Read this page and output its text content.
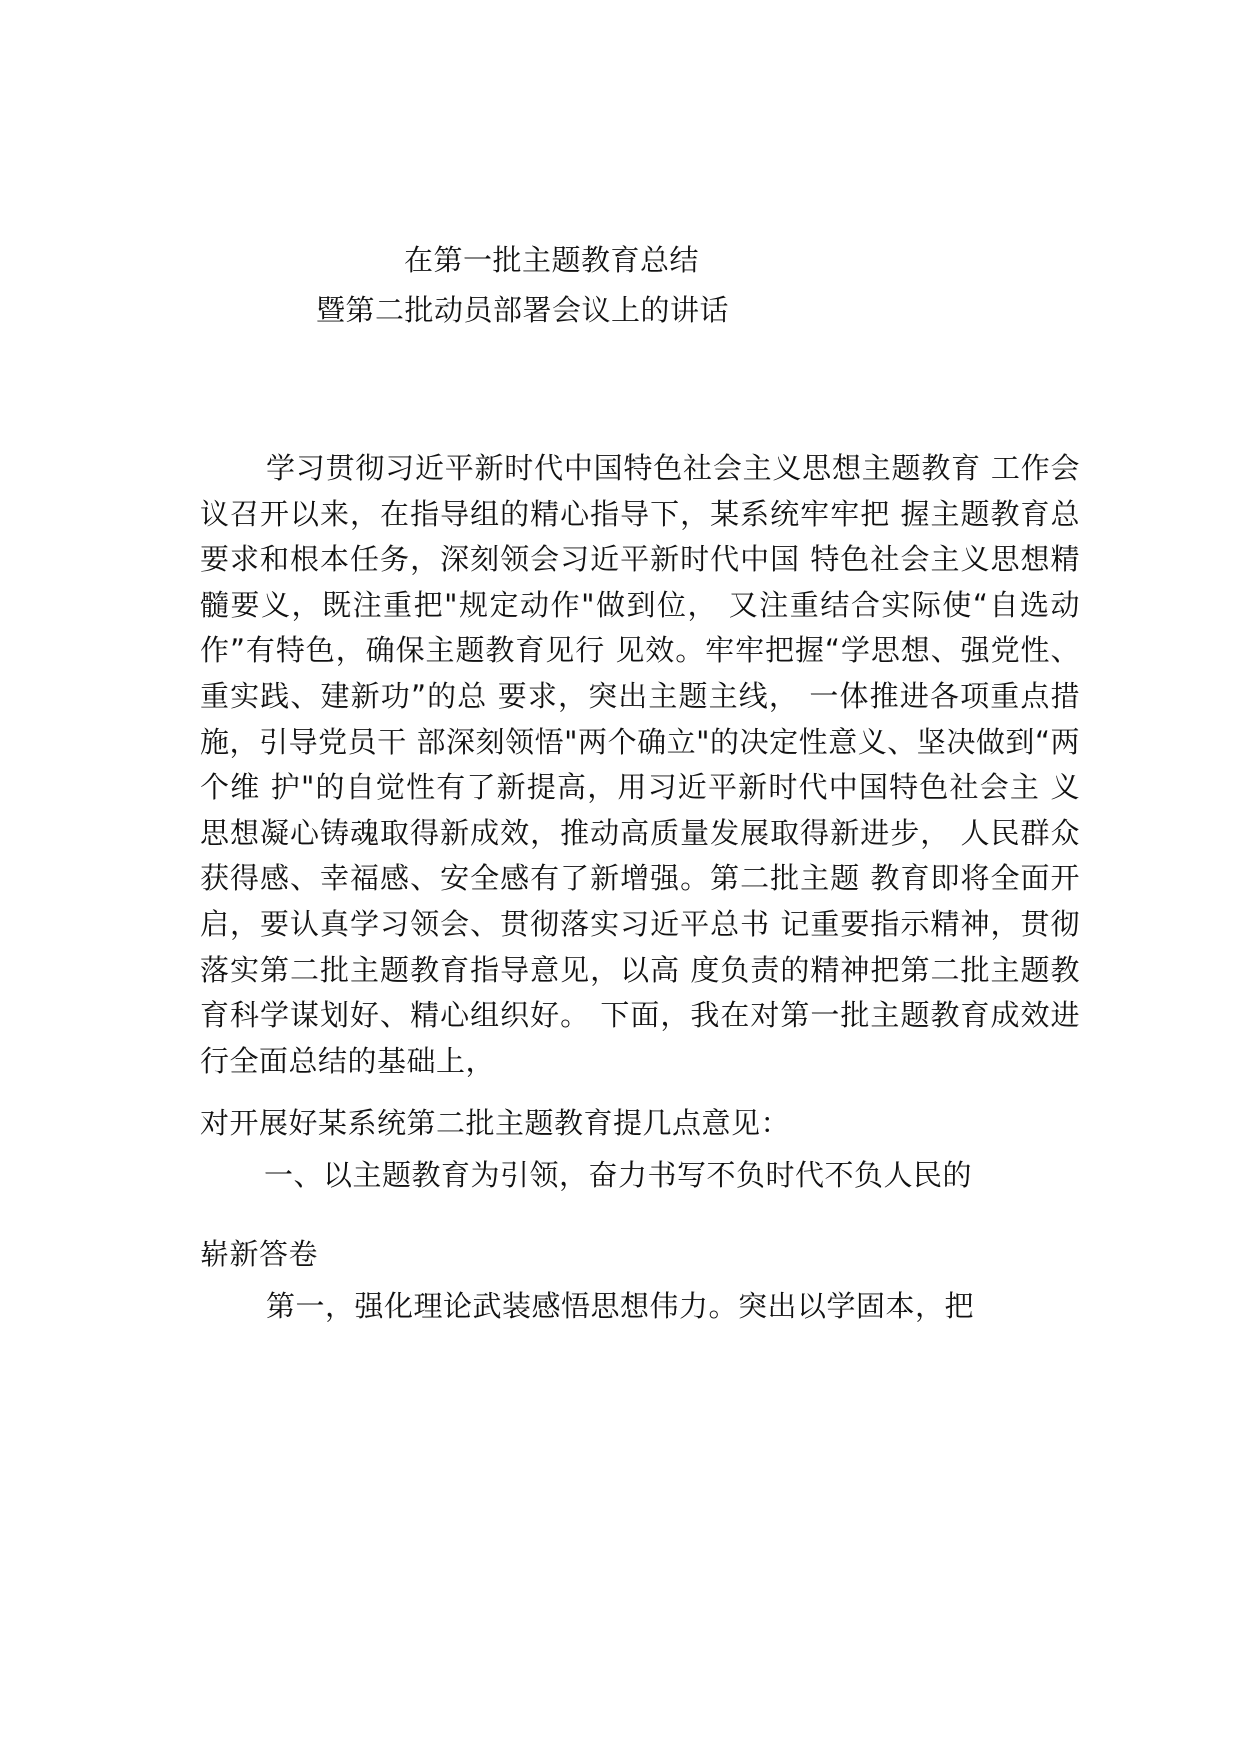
在第一批主题教育总结
暨第二批动员部署会议上的讲话

学习贯彻习近平新时代中国特色社会主义思想主题教育 工作会议召开以来，在指导组的精心指导下，某系统牢牢把 握主题教育总要求和根本任务，深刻领会习近平新时代中国 特色社会主义思想精髓要义，既注重把"规定动作"做到位， 又注重结合实际使“自选动作”有特色，确保主题教育见行 见效。牢牢把握“学思想、强党性、重实践、建新功”的总 要求，突出主题主线， 一体推进各项重点措施，引导党员干 部深刻领悟"两个确立"的决定性意义、坚决做到“两个维 护"的自觉性有了新提高，用习近平新时代中国特色社会主 义思想凝心铸魂取得新成效，推动高质量发展取得新进步， 人民群众获得感、幸福感、安全感有了新增强。第二批主题 教育即将全面开启，要认真学习领会、贯彻落实习近平总书 记重要指示精神，贯彻落实第二批主题教育指导意见，以高 度负责的精神把第二批主题教育科学谋划好、精心组织好。 下面，我在对第一批主题教育成效进行全面总结的基础上，

对开展好某系统第二批主题教育提几点意见：
一、以主题教育为引领，奋力书写不负时代不负人民的
崭新答卷
第一，强化理论武装感悟思想伟力。突出以学固本，把
